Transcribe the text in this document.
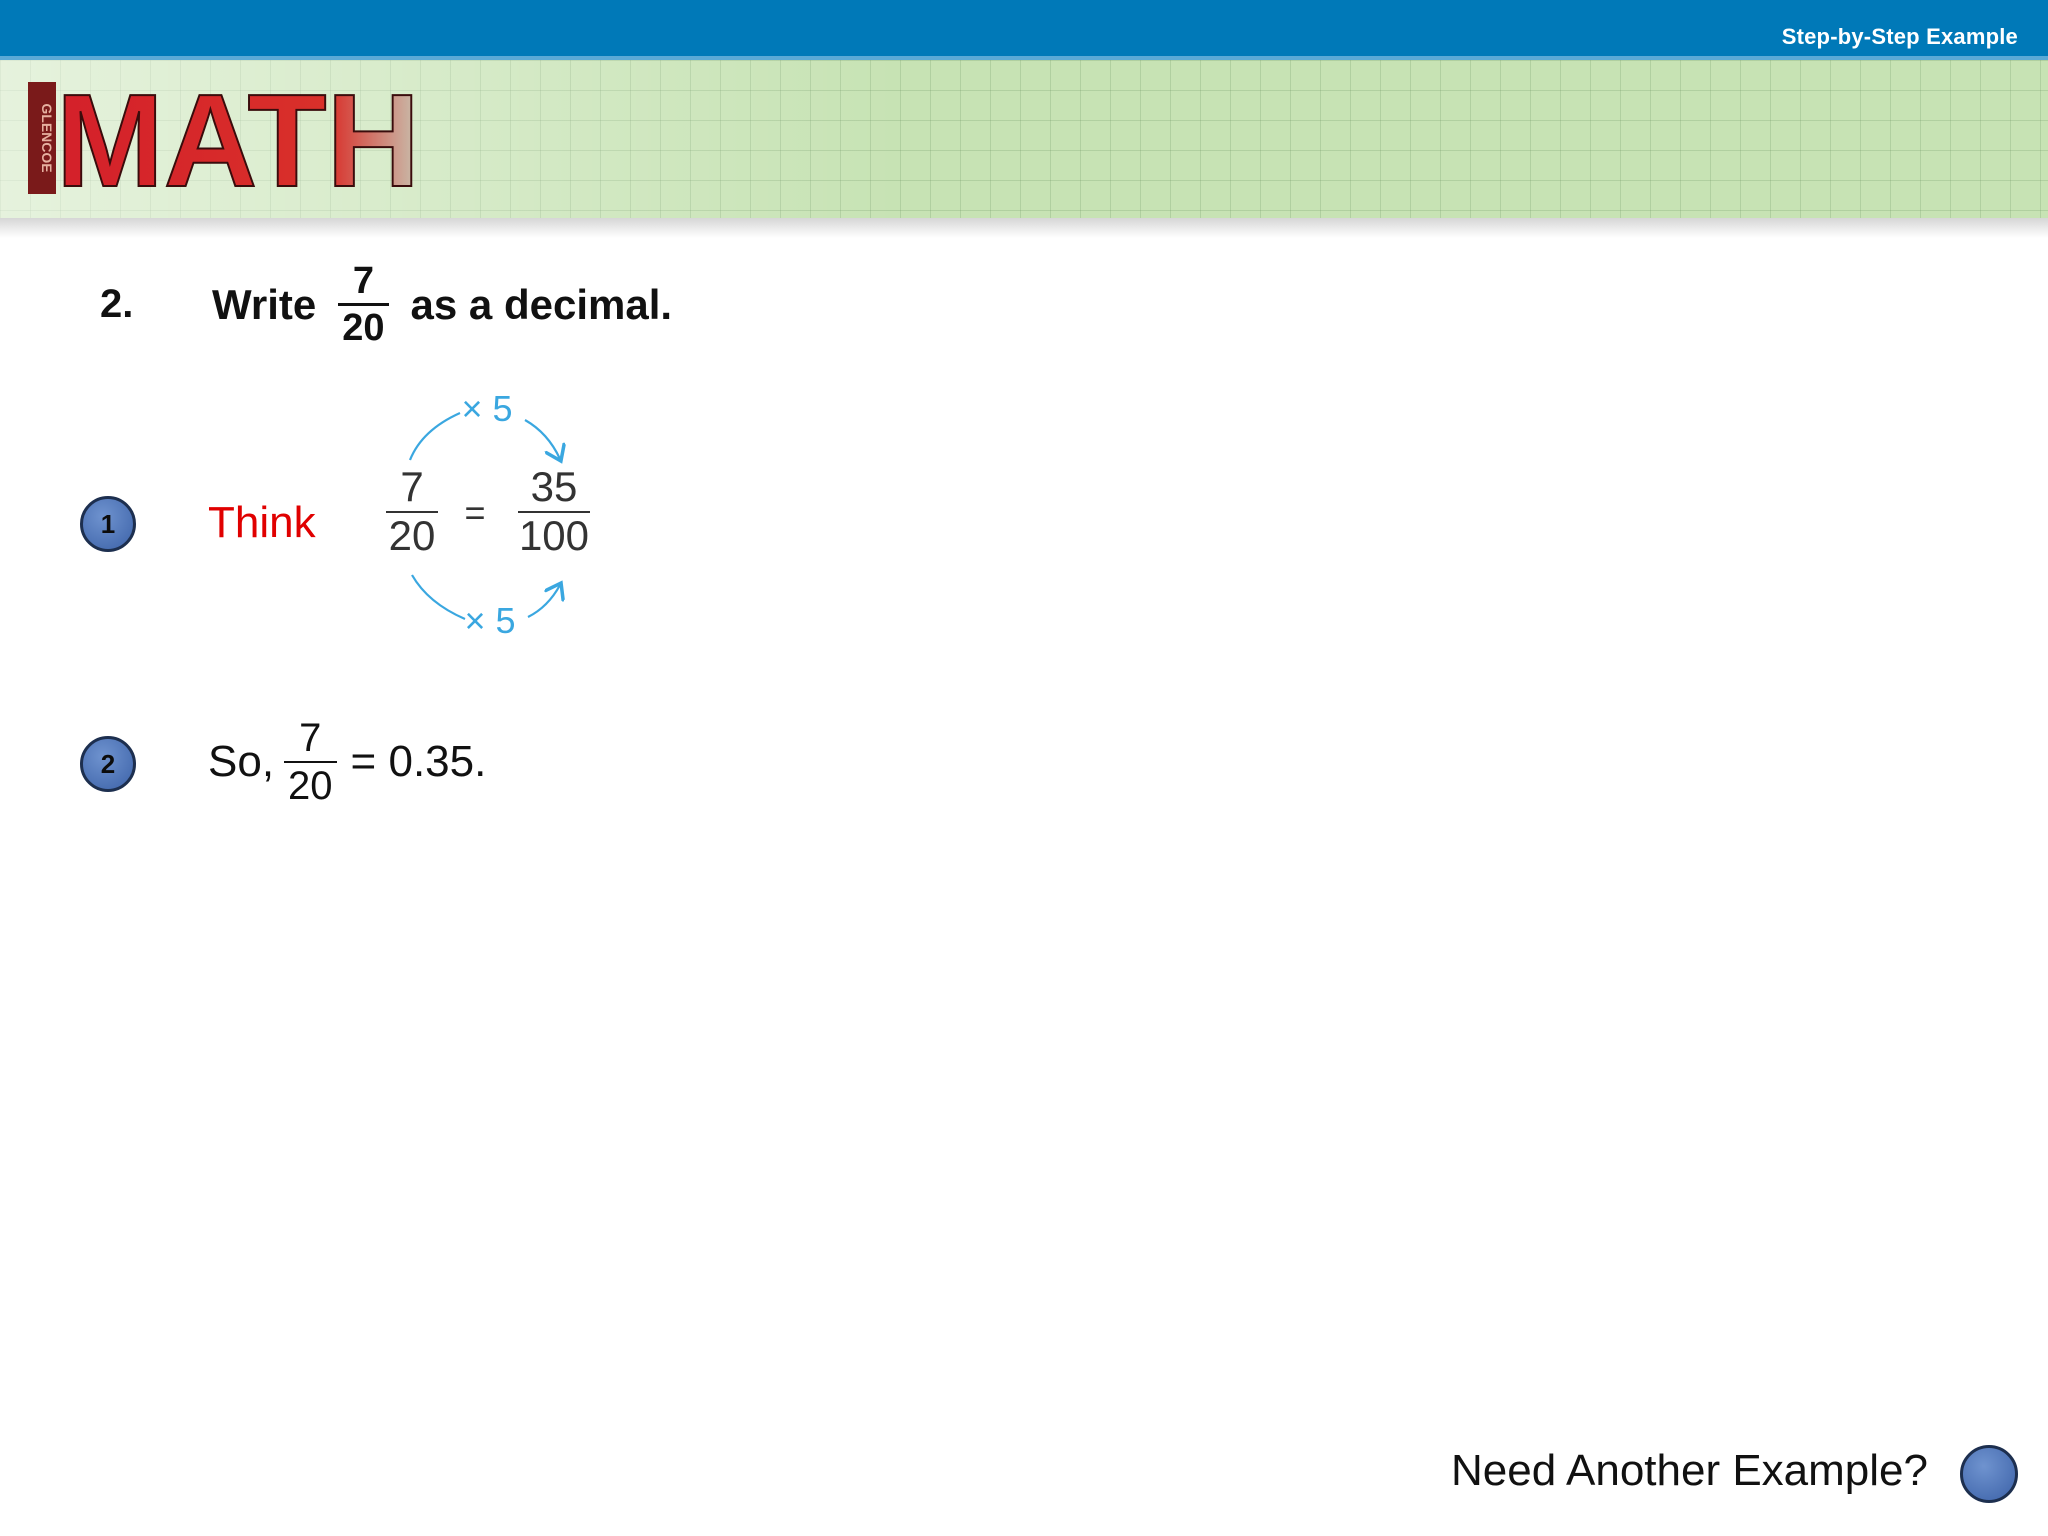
Step-by-Step Example
GLENCOE MATH
2. Write $\frac{7}{20}$ as a decimal.
1	Think
× 5
7
20 =
35
100
× 5
2	So, $\frac{7}{20} = 0.35$.
Need Another Example?
